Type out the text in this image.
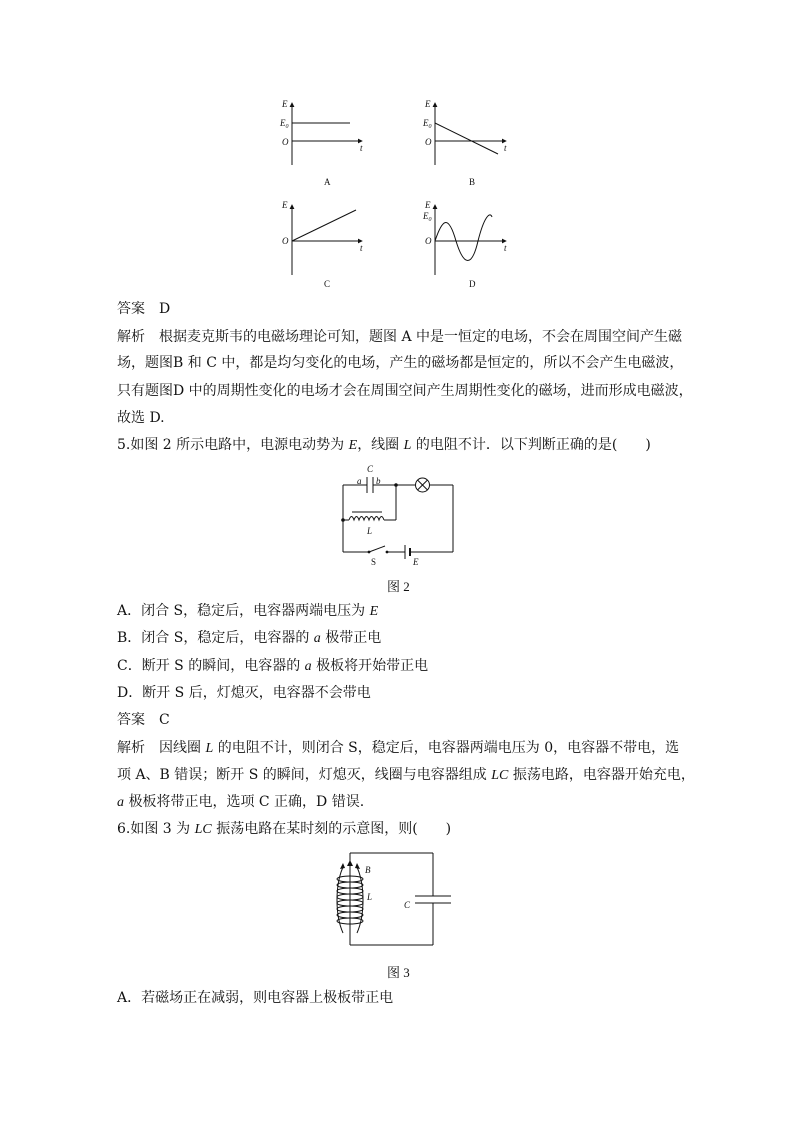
E
$E_0$
O
t
E
$E_0$
O
t
E
O
t
E
$E_0$
O
t
A	B
C	D
答案  D
解析  根据麦克斯韦的电磁场理论可知，题图 A 中是一恒定的电场，不会在周围空间产生磁
场，题图B 和 C 中，都是均匀变化的电场，产生的磁场都是恒定的，所以不会产生电磁波，
只有题图D 中的周期性变化的电场才会在周围空间产生周期性变化的磁场，进而形成电磁波，
故选 D.
5.如图 2 所示电路中，电源电动势为 E，线圈 L 的电阻不计．以下判断正确的是(　　)
C
a b
L
S	E
图 2
A．闭合 S，稳定后，电容器两端电压为 E
B．闭合 S，稳定后，电容器的 a 极带正电
C．断开 S 的瞬间，电容器的 a 极板将开始带正电
D．断开 S 后，灯熄灭，电容器不会带电
答案  C
解析  因线圈 L 的电阻不计，则闭合 S，稳定后，电容器两端电压为 0，电容器不带电，选
项 A、B 错误；断开 S 的瞬间，灯熄灭，线圈与电容器组成 LC 振荡电路，电容器开始充电，
a 极板将带正电，选项 C 正确，D 错误.
6.如图 3 为 LC 振荡电路在某时刻的示意图，则(　　)
B
L
C
图 3
A．若磁场正在减弱，则电容器上极板带正电
